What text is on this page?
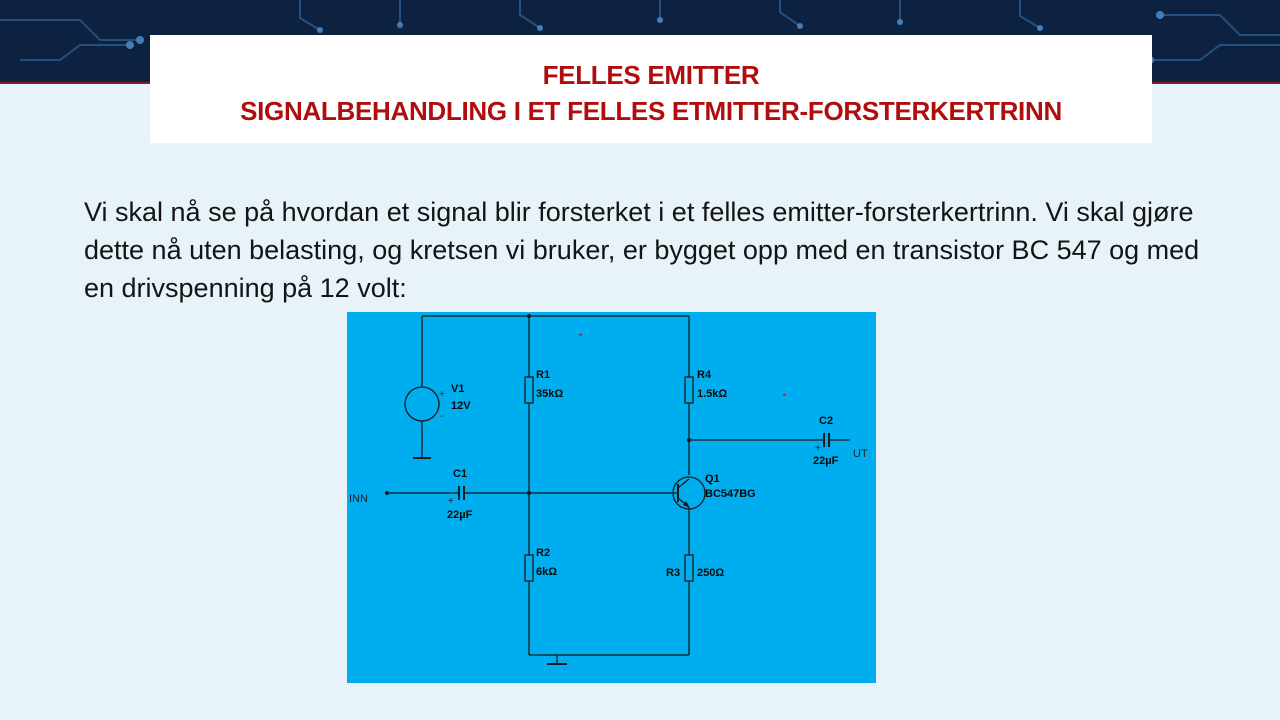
FELLES EMITTER
SIGNALBEHANDLING I ET FELLES ETMITTER-FORSTERKERTRINN
Vi skal nå se på hvordan et signal blir forsterket i et felles emitter-forsterkertrinn. Vi skal gjøre dette nå uten belasting, og kretsen vi bruker, er bygget opp med en transistor BC 547 og med en drivspenning på 12 volt:
V1
12V
+
-
R1
35kΩ
R4
1.5kΩ
C2
22µF
+	UT
C1
22µF
+
INN
Q1
BC547BG
R2
6kΩ	R3 250Ω
